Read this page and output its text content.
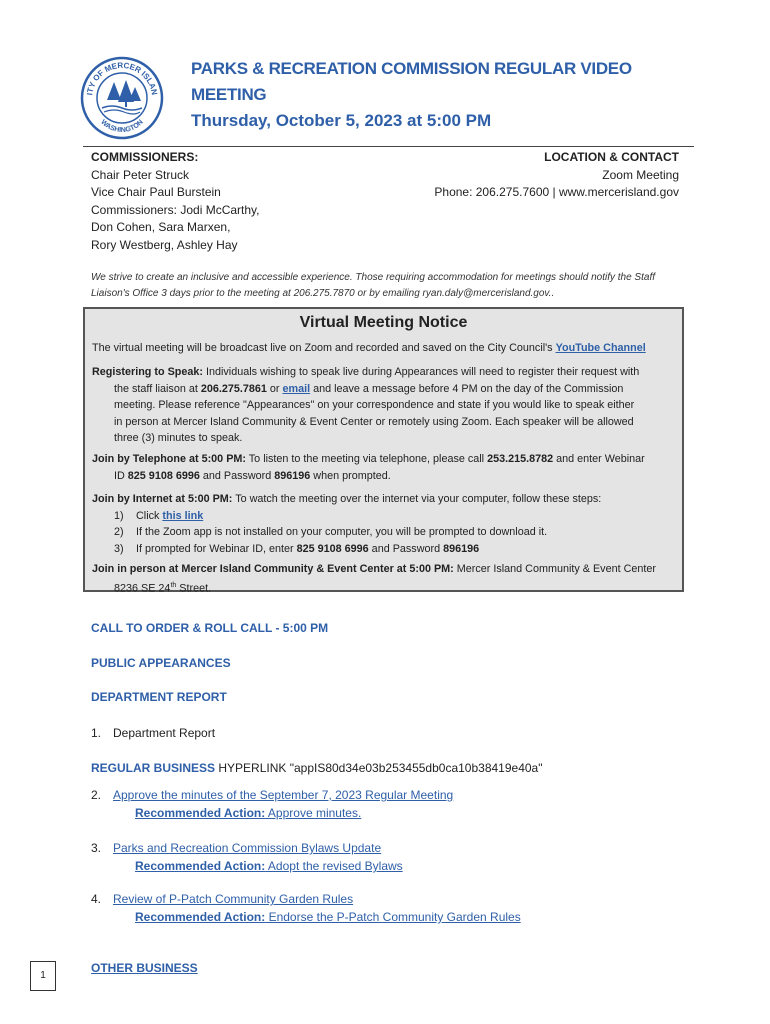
ITY OF MERCER ISLAN
WASHINGTON
PARKS & RECREATION COMMISSION REGULAR VIDEO
MEETING
Thursday, October 5, 2023 at 5:00 PM
COMMISSIONERS:
Chair Peter Struck
Vice Chair Paul Burstein
Commissioners: Jodi McCarthy,
Don Cohen, Sara Marxen,
Rory Westberg, Ashley Hay
LOCATION & CONTACT
Zoom Meeting
Phone: 206.275.7600 | www.mercerisland.gov
We strive to create an inclusive and accessible experience. Those requiring accommodation for meetings should notify the Staff
Liaison's Office 3 days prior to the meeting at 206.275.7870 or by emailing ryan.daly@mercerisland.gov..
Virtual Meeting Notice
The virtual meeting will be broadcast live on Zoom and recorded and saved on the City Council's YouTube Channel
Registering to Speak: Individuals wishing to speak live during Appearances will need to register their request with
the staff liaison at 206.275.7861 or email and leave a message before 4 PM on the day of the Commission
meeting. Please reference "Appearances" on your correspondence and state if you would like to speak either
in person at Mercer Island Community & Event Center or remotely using Zoom. Each speaker will be allowed
three (3) minutes to speak.
Join by Telephone at 5:00 PM: To listen to the meeting via telephone, please call 253.215.8782 and enter Webinar
ID 825 9108 6996 and Password 896196 when prompted.
Join by Internet at 5:00 PM: To watch the meeting over the internet via your computer, follow these steps:
1) Click this link
2) If the Zoom app is not installed on your computer, you will be prompted to download it.
3) If prompted for Webinar ID, enter 825 9108 6996 and Password 896196
Join in person at Mercer Island Community & Event Center at 5:00 PM: Mercer Island Community & Event Center
8236 SE 24th Street.
CALL TO ORDER & ROLL CALL - 5:00 PM
PUBLIC APPEARANCES
DEPARTMENT REPORT
1. Department Report
REGULAR BUSINESS HYPERLINK "appIS80d34e03b253455db0ca10b38419e40a"
2. Approve the minutes of the September 7, 2023 Regular Meeting
Recommended Action: Approve minutes.
3. Parks and Recreation Commission Bylaws Update
Recommended Action: Adopt the revised Bylaws
4. Review of P-Patch Community Garden Rules
Recommended Action: Endorse the P-Patch Community Garden Rules
OTHER BUSINESS
1
